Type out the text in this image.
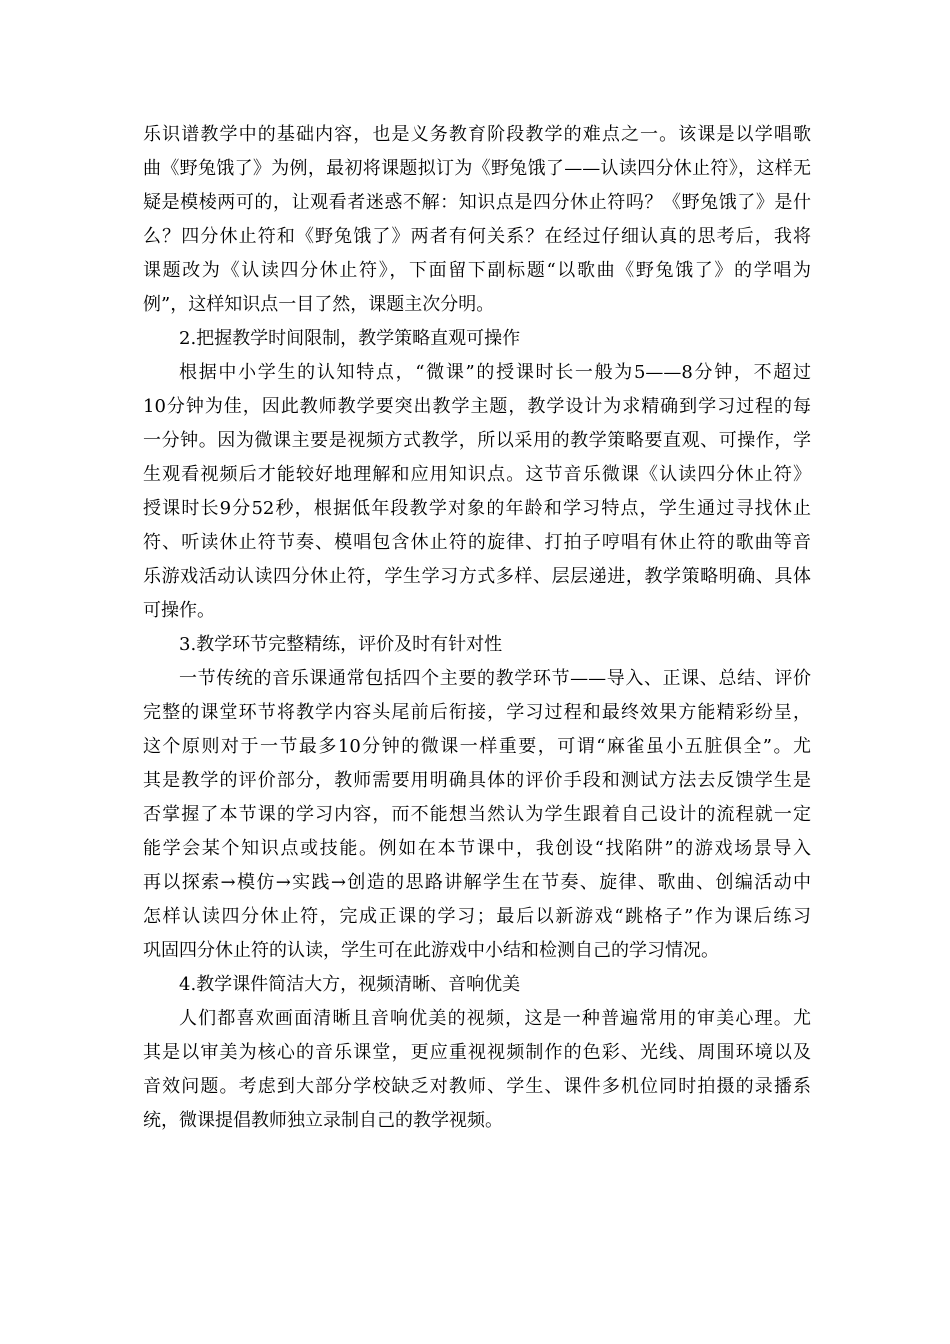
乐识谱教学中的基础内容，也是义务教育阶段教学的难点之一。该课是以学唱歌
曲《野兔饿了》为例，最初将课题拟订为《野兔饿了——认读四分休止符》，这样无
疑是模棱两可的，让观看者迷惑不解：知识点是四分休止符吗？《野兔饿了》是什
么？四分休止符和《野兔饿了》两者有何关系？在经过仔细认真的思考后，我将
课题改为《认读四分休止符》，下面留下副标题“以歌曲《野兔饿了》的学唱为
例”，这样知识点一目了然，课题主次分明。
2.把握教学时间限制，教学策略直观可操作
根据中小学生的认知特点，“微课”的授课时长一般为5——8分钟，不超过
10分钟为佳，因此教师教学要突出教学主题，教学设计为求精确到学习过程的每
一分钟。因为微课主要是视频方式教学，所以采用的教学策略要直观、可操作，学
生观看视频后才能较好地理解和应用知识点。这节音乐微课《认读四分休止符》
授课时长9分52秒，根据低年段教学对象的年龄和学习特点，学生通过寻找休止
符、听读休止符节奏、模唱包含休止符的旋律、打拍子哼唱有休止符的歌曲等音
乐游戏活动认读四分休止符，学生学习方式多样、层层递进，教学策略明确、具体
可操作。
3.教学环节完整精练，评价及时有针对性
一节传统的音乐课通常包括四个主要的教学环节——导入、正课、总结、评价
完整的课堂环节将教学内容头尾前后衔接，学习过程和最终效果方能精彩纷呈，
这个原则对于一节最多10分钟的微课一样重要，可谓“麻雀虽小五脏俱全”。尤
其是教学的评价部分，教师需要用明确具体的评价手段和测试方法去反馈学生是
否掌握了本节课的学习内容，而不能想当然认为学生跟着自己设计的流程就一定
能学会某个知识点或技能。例如在本节课中，我创设“找陷阱”的游戏场景导入
再以探索→模仿→实践→创造的思路讲解学生在节奏、旋律、歌曲、创编活动中
怎样认读四分休止符，完成正课的学习；最后以新游戏“跳格子”作为课后练习
巩固四分休止符的认读，学生可在此游戏中小结和检测自己的学习情况。
4.教学课件简洁大方，视频清晰、音响优美
人们都喜欢画面清晰且音响优美的视频，这是一种普遍常用的审美心理。尤
其是以审美为核心的音乐课堂，更应重视视频制作的色彩、光线、周围环境以及
音效问题。考虑到大部分学校缺乏对教师、学生、课件多机位同时拍摄的录播系
统，微课提倡教师独立录制自己的教学视频。
